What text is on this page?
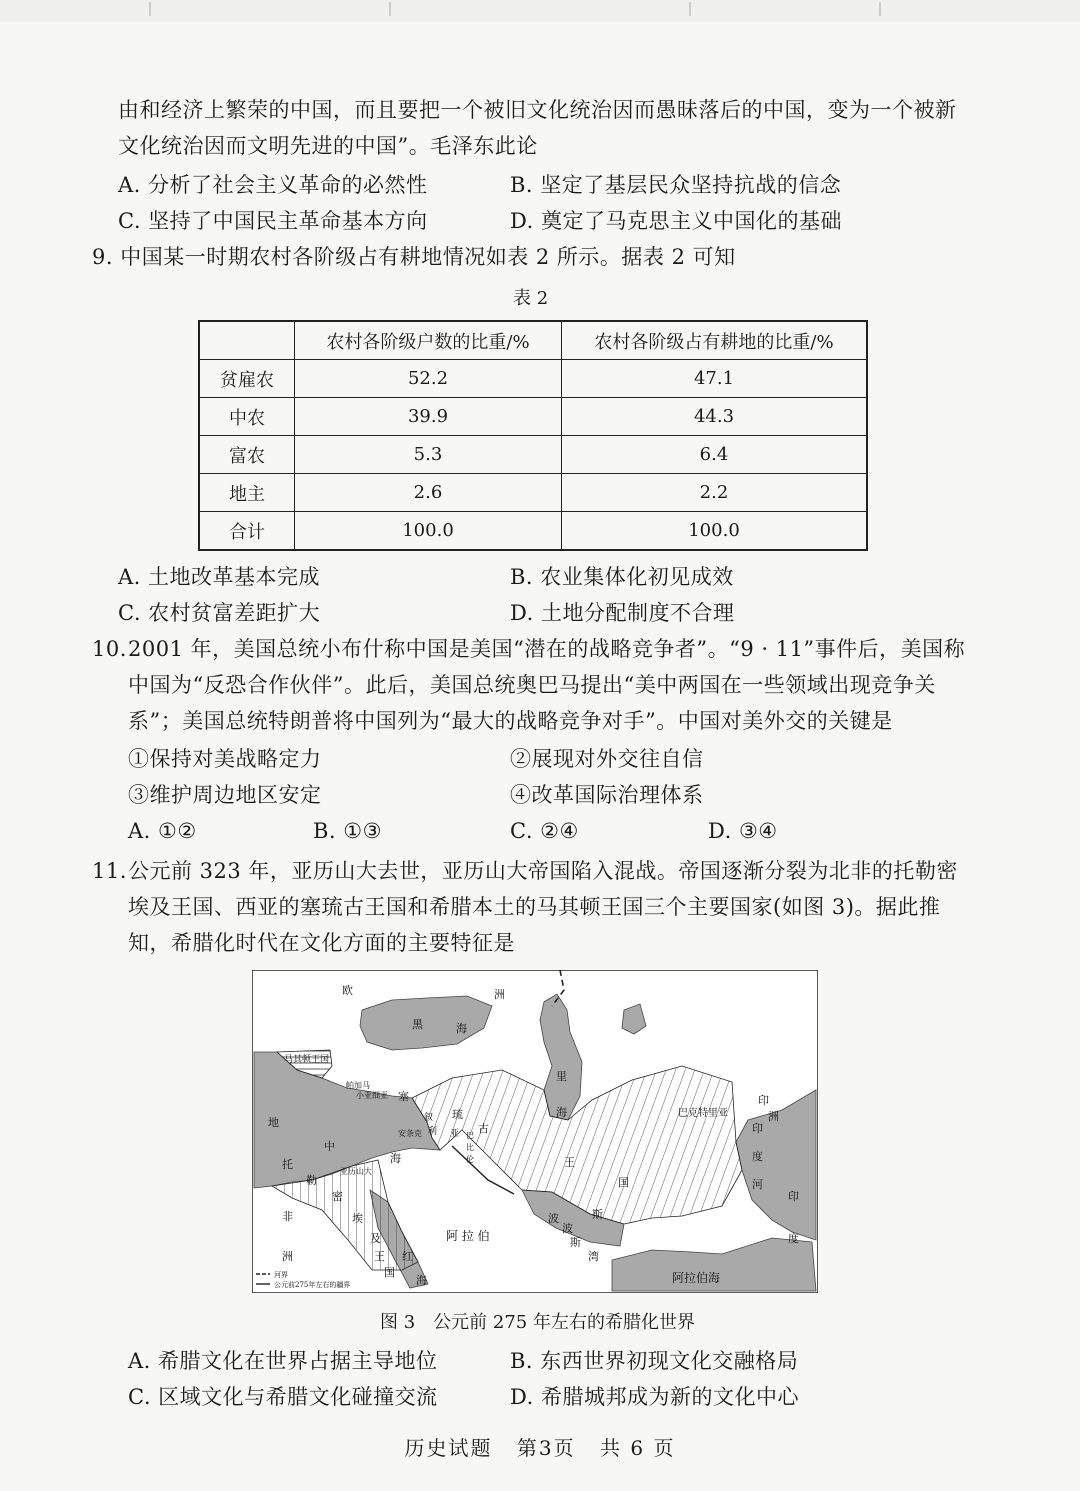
由和经济上繁荣的中国，而且要把一个被旧文化统治因而愚昧落后的中国，变为一个被新文化统治因而文明先进的中国”。毛泽东此论
A. 分析了社会主义革命的必然性	B. 坚定了基层民众坚持抗战的信念
C. 坚持了中国民主革命基本方向	D. 奠定了马克思主义中国化的基础
9. 中国某一时期农村各阶级占有耕地情况如表 2 所示。据表 2 可知
表 2
	农村各阶级户数的比重/%	农村各阶级占有耕地的比重/%
贫雇农	52.2	47.1
中农	39.9	44.3
富农	5.3	6.4
地主	2.6	2.2
合计	100.0	100.0
A. 土地改革基本完成	B. 农业集体化初见成效
C. 农村贫富差距扩大	D. 土地分配制度不合理
10. 2001 年，美国总统小布什称中国是美国“潜在的战略竞争者”。“9 · 11”事件后，美国称
中国为“反恐合作伙伴”。此后，美国总统奥巴马提出“美中两国在一些领域出现竞争关
系”；美国总统特朗普将中国列为“最大的战略竞争对手”。中国对美外交的关键是
①保持对美战略定力	②展现对外交往自信
③维护周边地区安定	④改革国际治理体系
A. ①②	B. ①③	C. ②④	D. ③④
11. 公元前 323 年，亚历山大去世，亚历山大帝国陷入混战。帝国逐渐分裂为北非的托勒密
埃及王国、西亚的塞琉古王国和希腊本土的马其顿王国三个主要国家(如图 3)。据此推
知，希腊化时代在文化方面的主要特征是
欧	洲
黑	海
里
海
马其顿王国
帕加马
小亚细亚 塞
地
中
海
安条克
叙
利
琉
亚 古
王
国
巴
比
伦
亚历山大
托
勒
密
埃
及
王
国
非
洲
阿 拉 伯
红
海
波	斯
波
斯
湾
巴克特里亚
印
度
河
印
度
印
洲
阿拉伯海
河界
公元前275年左右的疆界
图 3　公元前 275 年左右的希腊化世界
A. 希腊文化在世界占据主导地位	B. 东西世界初现文化交融格局
C. 区域文化与希腊文化碰撞交流	D. 希腊城邦成为新的文化中心
历史试题 第3页 共 6 页
